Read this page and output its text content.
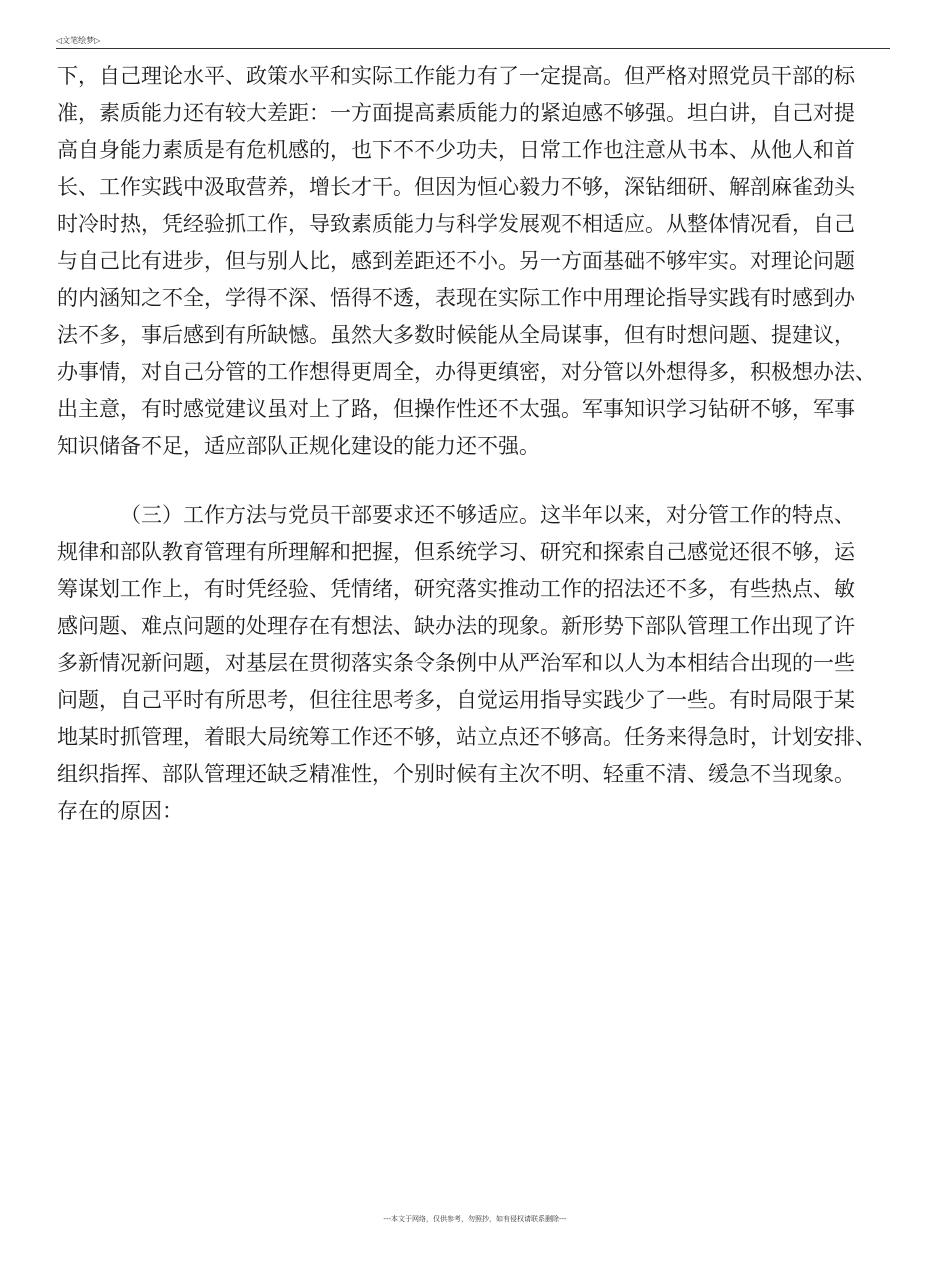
◁文笔绘梦▷
下，自己理论水平、政策水平和实际工作能力有了一定提高。但严格对照党员干部的标
准，素质能力还有较大差距：一方面提高素质能力的紧迫感不够强。坦白讲，自己对提
高自身能力素质是有危机感的，也下不不少功夫，日常工作也注意从书本、从他人和首
长、工作实践中汲取营养，增长才干。但因为恒心毅力不够，深钻细研、解剖麻雀劲头
时冷时热，凭经验抓工作，导致素质能力与科学发展观不相适应。从整体情况看，自己
与自己比有进步，但与别人比，感到差距还不小。另一方面基础不够牢实。对理论问题
的内涵知之不全，学得不深、悟得不透，表现在实际工作中用理论指导实践有时感到办
法不多，事后感到有所缺憾。虽然大多数时候能从全局谋事，但有时想问题、提建议，
办事情，对自己分管的工作想得更周全，办得更缜密，对分管以外想得多，积极想办法、
出主意，有时感觉建议虽对上了路，但操作性还不太强。军事知识学习钻研不够，军事
知识储备不足，适应部队正规化建设的能力还不强。
（三）工作方法与党员干部要求还不够适应。这半年以来，对分管工作的特点、
规律和部队教育管理有所理解和把握，但系统学习、研究和探索自己感觉还很不够，运
筹谋划工作上，有时凭经验、凭情绪，研究落实推动工作的招法还不多，有些热点、敏
感问题、难点问题的处理存在有想法、缺办法的现象。新形势下部队管理工作出现了许
多新情况新问题，对基层在贯彻落实条令条例中从严治军和以人为本相结合出现的一些
问题，自己平时有所思考，但往往思考多，自觉运用指导实践少了一些。有时局限于某
地某时抓管理，着眼大局统筹工作还不够，站立点还不够高。任务来得急时，计划安排、
组织指挥、部队管理还缺乏精准性，个别时候有主次不明、轻重不清、缓急不当现象。
存在的原因：
---本文于网络，仅供参考，勿照抄，如有侵权请联系删除---
